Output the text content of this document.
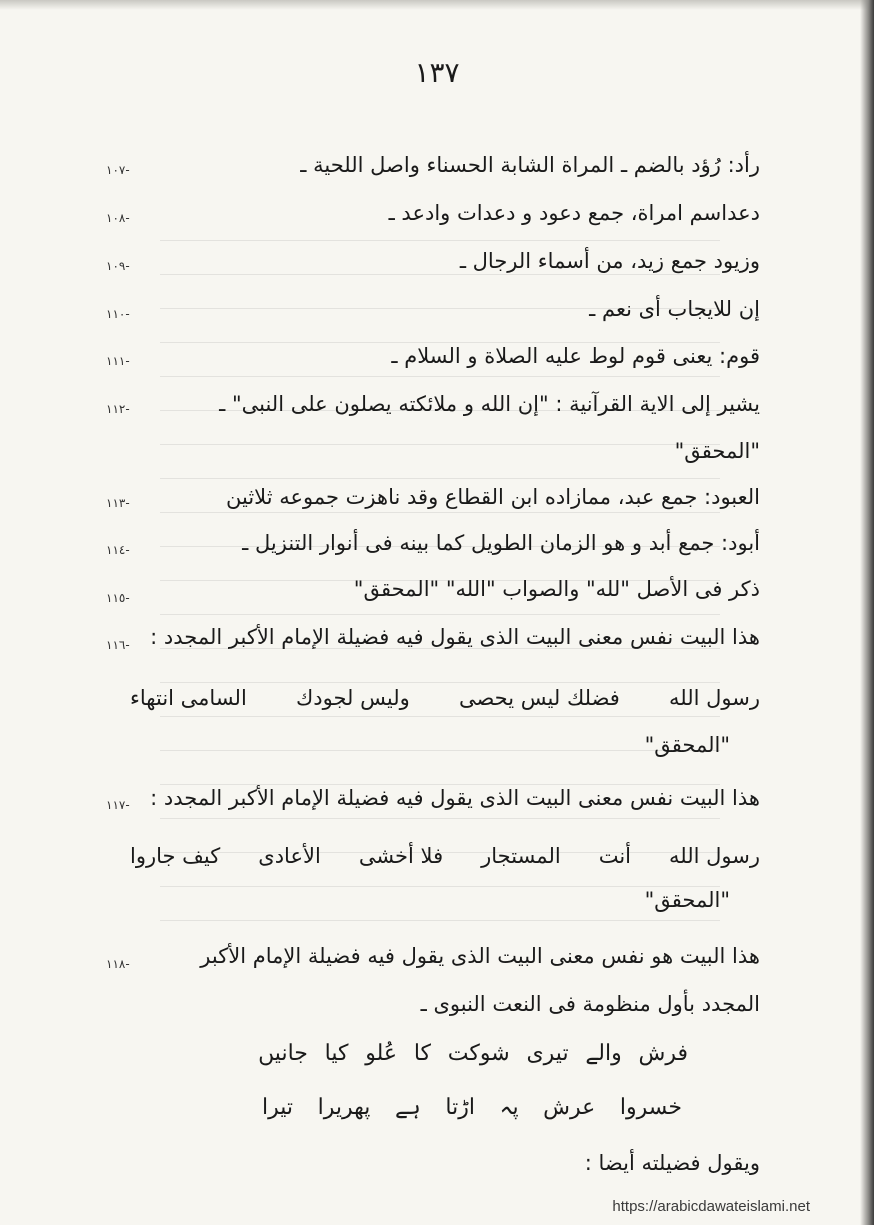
١٣٧
-١٠٧	رأد: رُؤد بالضم ـ المراة الشابة الحسناء واصل اللحية ـ
-١٠٨	دعداسم امراة، جمع دعود و دعدات وادعد ـ
-١٠٩	وزيود جمع زيد، من أسماء الرجال ـ
-١١٠	إن للايجاب أى نعم ـ
-١١١	قوم: يعنى قوم لوط عليه الصلاة و السلام ـ
-١١٢	يشير إلى الاية القرآنية : "إن الله و ملائكته يصلون على النبى" ـ
"المحقق"
-١١٣	العبود: جمع عبد، ممازاده ابن القطاع وقد ناهزت جموعه ثلاثين
-١١٤	أبود: جمع أبد و هو الزمان الطويل كما بينه فى أنوار التنزيل ـ
-١١٥	ذكر فى الأصل "لله" والصواب "الله" "المحقق"
-١١٦ هذا البيت نفس معنى البيت الذى يقول فيه فضيلة الإمام الأكبر المجدد :
رسول الله
فضلك ليس يحصى
وليس لجودك
السامى انتهاء
"المحقق"
-١١٧ هذا البيت نفس معنى البيت الذى يقول فيه فضيلة الإمام الأكبر المجدد :
رسول الله
أنت
المستجار
فلا أخشى
الأعادى
كيف جاروا
"المحقق"
-١١٨	هذا البيت هو نفس معنى البيت الذى يقول فيه فضيلة الإمام الأكبر
المجدد بأول منظومة فى النعت النبوى ـ
فرش
والے
تیری
شوکت
کا
عُلو
کیا
جانیں
خسروا
عرش
پہ
اڑتا
ہے
پھریرا
تیرا
ويقول فضيلته أيضا :
https://arabicdawateislami.net
